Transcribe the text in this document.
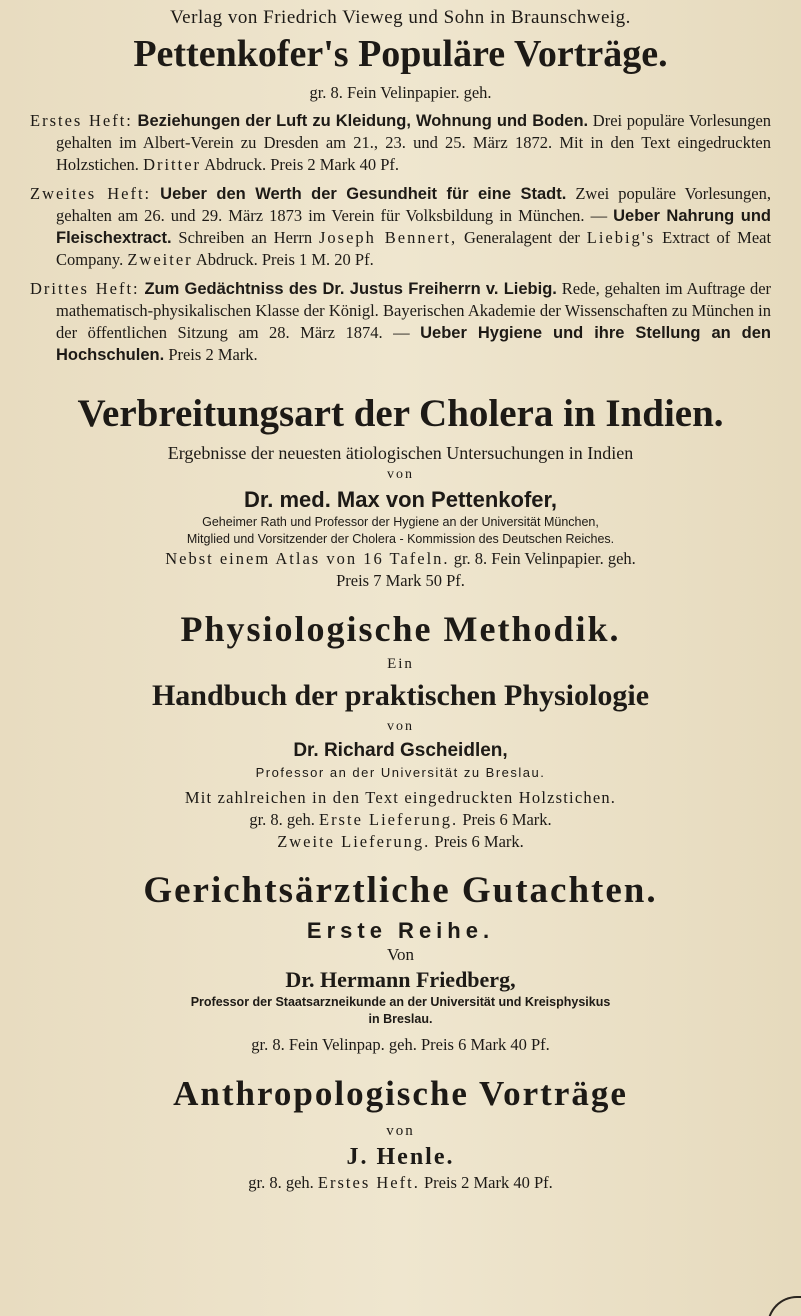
Verlag von Friedrich Vieweg und Sohn in Braunschweig.
Pettenkofer's Populäre Vorträge.
gr. 8. Fein Velinpapier. geh.

Erstes Heft: Beziehungen der Luft zu Kleidung, Wohnung und Boden. Drei populäre Vorlesungen gehalten im Albert-Verein zu Dresden am 21., 23. und 25. März 1872. Mit in den Text eingedruckten Holzstichen. Dritter Abdruck. Preis 2 Mark 40 Pf.

Zweites Heft: Ueber den Werth der Gesundheit für eine Stadt. Zwei populäre Vorlesungen, gehalten am 26. und 29. März 1873 im Verein für Volksbildung in München. — Ueber Nahrung und Fleischextract. Schreiben an Herrn Joseph Bennert, Generalagent der Liebig's Extract of Meat Company. Zweiter Abdruck. Preis 1 M. 20 Pf.

Drittes Heft: Zum Gedächtniss des Dr. Justus Freiherrn v. Liebig. Rede, gehalten im Auftrage der mathematisch-physikalischen Klasse der Königl. Bayerischen Akademie der Wissenschaften zu München in der öffentlichen Sitzung am 28. März 1874. — Ueber Hygiene und ihre Stellung an den Hochschulen. Preis 2 Mark.

Verbreitungsart der Cholera in Indien.
Ergebnisse der neuesten ätiologischen Untersuchungen in Indien
von
Dr. med. Max von Pettenkofer,
Geheimer Rath und Professor der Hygiene an der Universität München,
Mitglied und Vorsitzender der Cholera - Kommission des Deutschen Reiches.
Nebst einem Atlas von 16 Tafeln. gr. 8. Fein Velinpapier. geh.
Preis 7 Mark 50 Pf.
Physiologische Methodik.
Ein
Handbuch der praktischen Physiologie
von
Dr. Richard Gscheidlen,
Professor an der Universität zu Breslau.
Mit zahlreichen in den Text eingedruckten Holzstichen.
gr. 8. geh. Erste Lieferung. Preis 6 Mark.
Zweite Lieferung. Preis 6 Mark.
Gerichtsärztliche Gutachten.
Erste Reihe.
Von
Dr. Hermann Friedberg,
Professor der Staatsarzneikunde an der Universität und Kreisphysikus
in Breslau.
gr. 8. Fein Velinpap. geh. Preis 6 Mark 40 Pf.
Anthropologische Vorträge
von
J. Henle.
gr. 8. geh. Erstes Heft. Preis 2 Mark 40 Pf.
